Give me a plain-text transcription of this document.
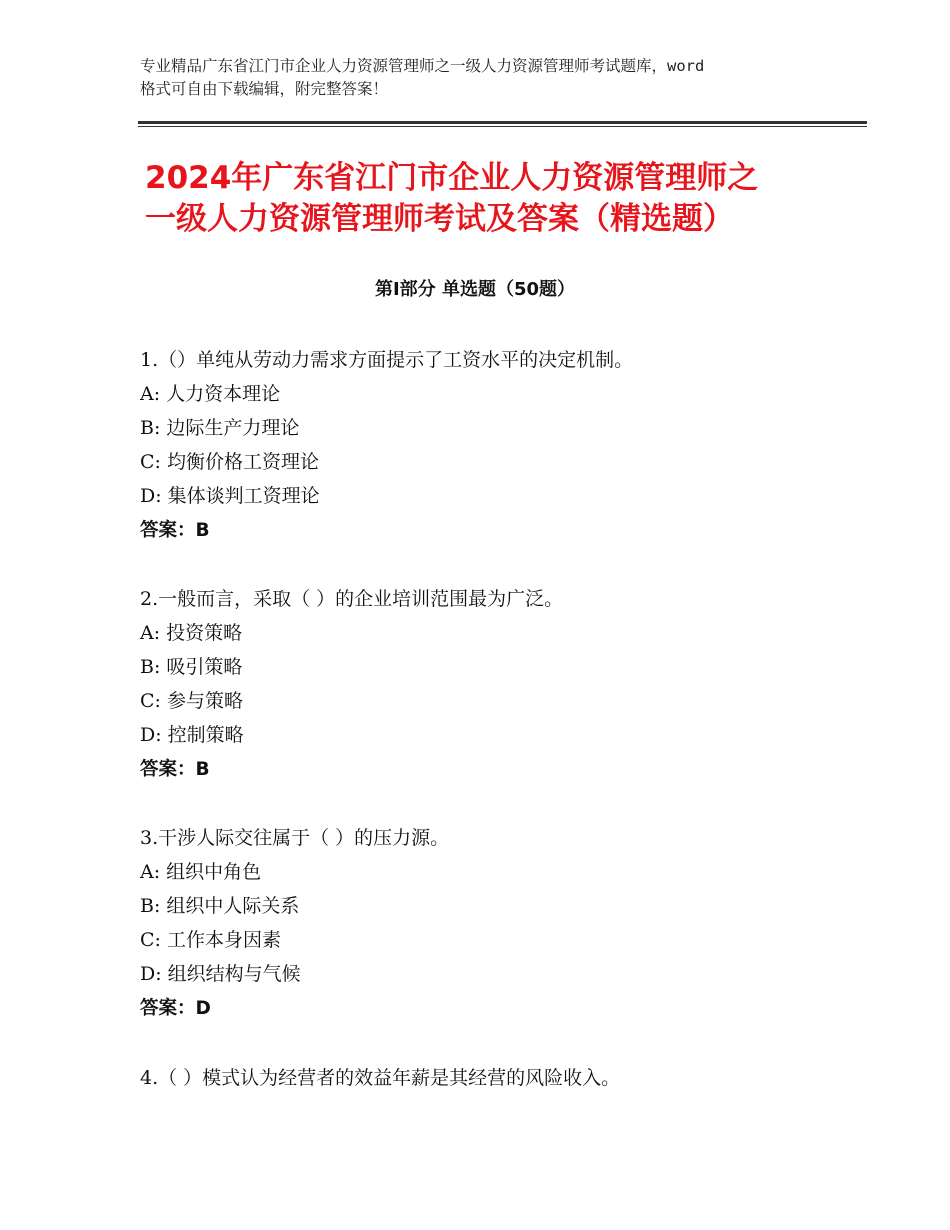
专业精品广东省江门市企业人力资源管理师之一级人力资源管理师考试题库，word
格式可自由下载编辑，附完整答案！
2024年广东省江门市企业人力资源管理师之
一级人力资源管理师考试及答案（精选题）
第Ⅰ部分 单选题（50题）
1.（）单纯从劳动力需求方面提示了工资水平的决定机制。
A: 人力资本理论
B: 边际生产力理论
C: 均衡价格工资理论
D: 集体谈判工资理论
答案：B
2.一般而言，采取（ ）的企业培训范围最为广泛。
A: 投资策略
B: 吸引策略
C: 参与策略
D: 控制策略
答案：B
3.干涉人际交往属于（ ）的压力源。
A: 组织中角色
B: 组织中人际关系
C: 工作本身因素
D: 组织结构与气候
答案：D
4.（ ）模式认为经营者的效益年薪是其经营的风险收入。
